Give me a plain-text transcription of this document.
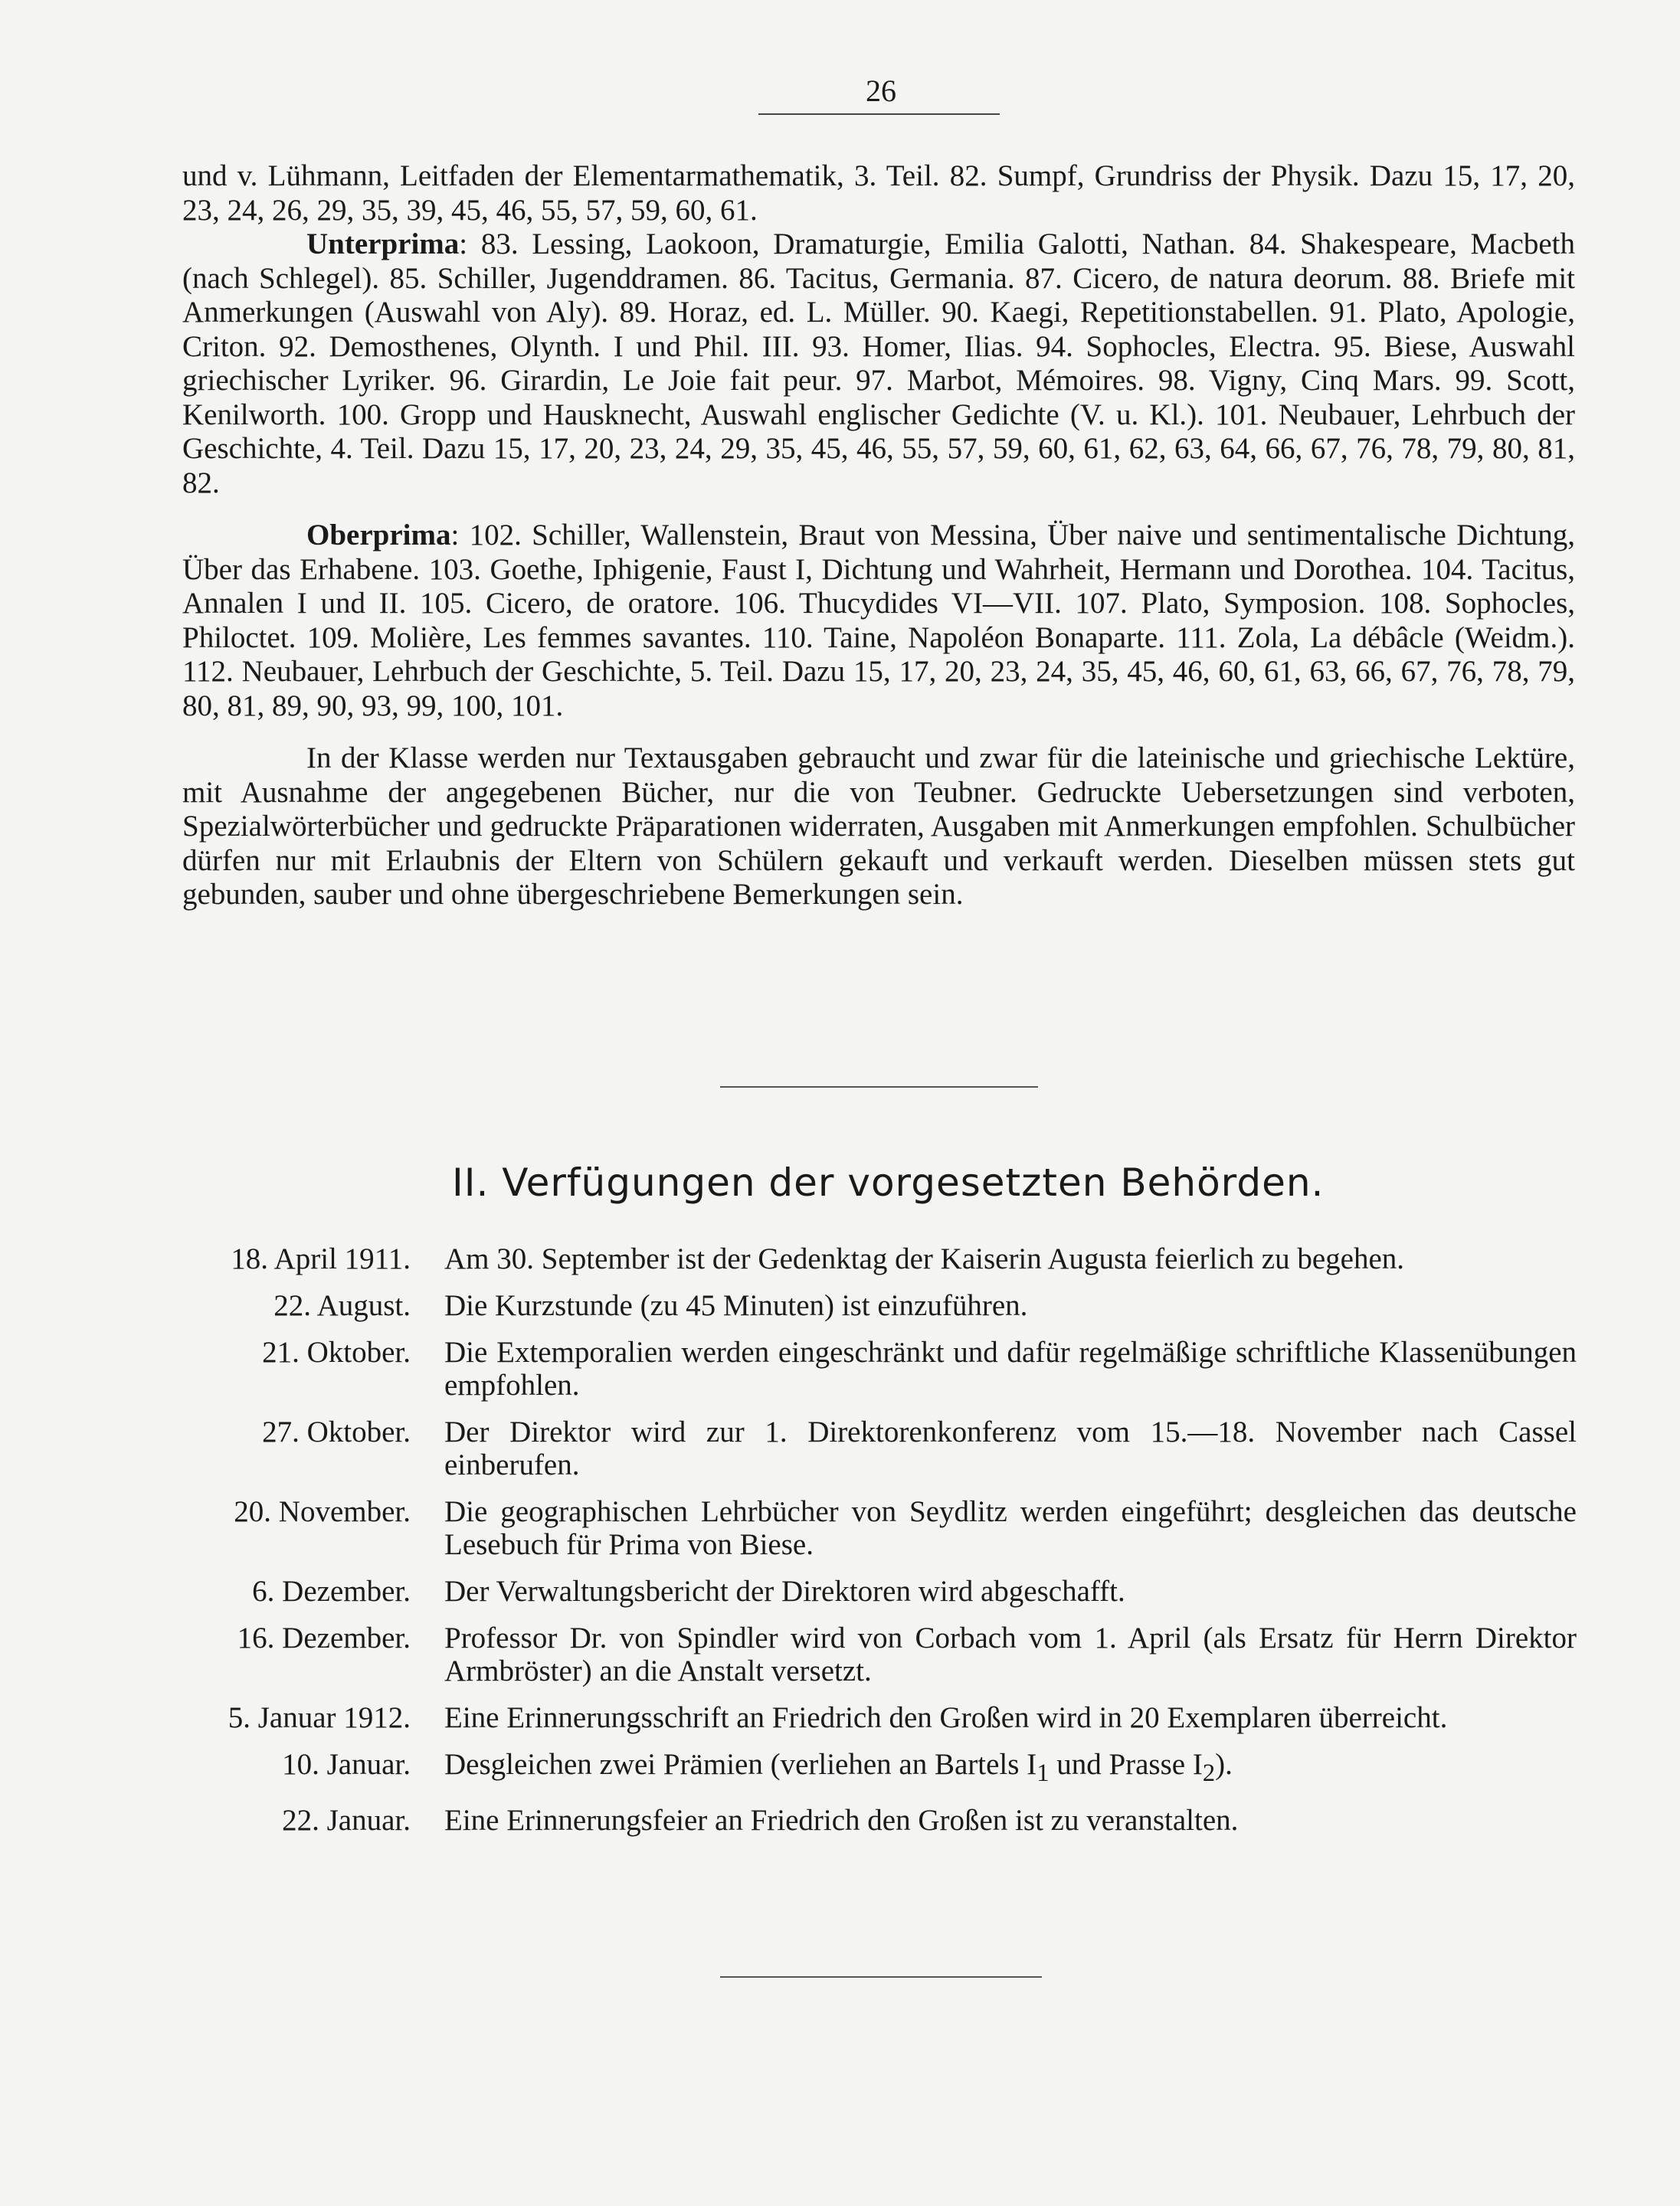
26

und v. Lühmann, Leitfaden der Elementarmathematik, 3. Teil. 82. Sumpf, Grundriss der Physik. Dazu 15, 17, 20, 23, 24, 26, 29, 35, 39, 45, 46, 55, 57, 59, 60, 61.

Unterprima: 83. Lessing, Laokoon, Dramaturgie, Emilia Galotti, Nathan. 84. Shakespeare, Macbeth (nach Schlegel). 85. Schiller, Jugenddramen. 86. Tacitus, Germania. 87. Cicero, de natura deorum. 88. Briefe mit Anmerkungen (Auswahl von Aly). 89. Horaz, ed. L. Müller. 90. Kaegi, Repetitionstabellen. 91. Plato, Apologie, Criton. 92. Demosthenes, Olynth. I und Phil. III. 93. Homer, Ilias. 94. Sophocles, Electra. 95. Biese, Auswahl griechischer Lyriker. 96. Girardin, Le Joie fait peur. 97. Marbot, Mémoires. 98. Vigny, Cinq Mars. 99. Scott, Kenilworth. 100. Gropp und Hausknecht, Auswahl englischer Gedichte (V. u. Kl.). 101. Neubauer, Lehrbuch der Geschichte, 4. Teil. Dazu 15, 17, 20, 23, 24, 29, 35, 45, 46, 55, 57, 59, 60, 61, 62, 63, 64, 66, 67, 76, 78, 79, 80, 81, 82.

Oberprima: 102. Schiller, Wallenstein, Braut von Messina, Über naive und sentimentalische Dichtung, Über das Erhabene. 103. Goethe, Iphigenie, Faust I, Dichtung und Wahrheit, Hermann und Dorothea. 104. Tacitus, Annalen I und II. 105. Cicero, de oratore. 106. Thucydides VI—VII. 107. Plato, Symposion. 108. Sophocles, Philoctet. 109. Molière, Les femmes savantes. 110. Taine, Napoléon Bonaparte. 111. Zola, La débâcle (Weidm.). 112. Neubauer, Lehrbuch der Geschichte, 5. Teil. Dazu 15, 17, 20, 23, 24, 35, 45, 46, 60, 61, 63, 66, 67, 76, 78, 79, 80, 81, 89, 90, 93, 99, 100, 101.

In der Klasse werden nur Textausgaben gebraucht und zwar für die lateinische und griechische Lektüre, mit Ausnahme der angegebenen Bücher, nur die von Teubner. Gedruckte Uebersetzungen sind verboten, Spezialwörterbücher und gedruckte Präparationen widerraten, Ausgaben mit Anmerkungen empfohlen. Schulbücher dürfen nur mit Erlaubnis der Eltern von Schülern gekauft und verkauft werden. Dieselben müssen stets gut gebunden, sauber und ohne übergeschriebene Bemerkungen sein.

II. Verfügungen der vorgesetzten Behörden.
18. April 1911. Am 30. September ist der Gedenktag der Kaiserin Augusta feierlich zu begehen.
22. August. Die Kurzstunde (zu 45 Minuten) ist einzuführen.
21. Oktober. Die Extemporalien werden eingeschränkt und dafür regelmäßige schriftliche Klassenübungen empfohlen.
27. Oktober. Der Direktor wird zur 1. Direktorenkonferenz vom 15.—18. November nach Cassel einberufen.
20. November. Die geographischen Lehrbücher von Seydlitz werden eingeführt; desgleichen das deutsche Lesebuch für Prima von Biese.
6. Dezember. Der Verwaltungsbericht der Direktoren wird abgeschafft.
16. Dezember. Professor Dr. von Spindler wird von Corbach vom 1. April (als Ersatz für Herrn Direktor Armbröster) an die Anstalt versetzt.
5. Januar 1912. Eine Erinnerungsschrift an Friedrich den Großen wird in 20 Exemplaren überreicht.
10. Januar. Desgleichen zwei Prämien (verliehen an Bartels $I_1$ und Prasse $I_2$).
22. Januar. Eine Erinnerungsfeier an Friedrich den Großen ist zu veranstalten.
